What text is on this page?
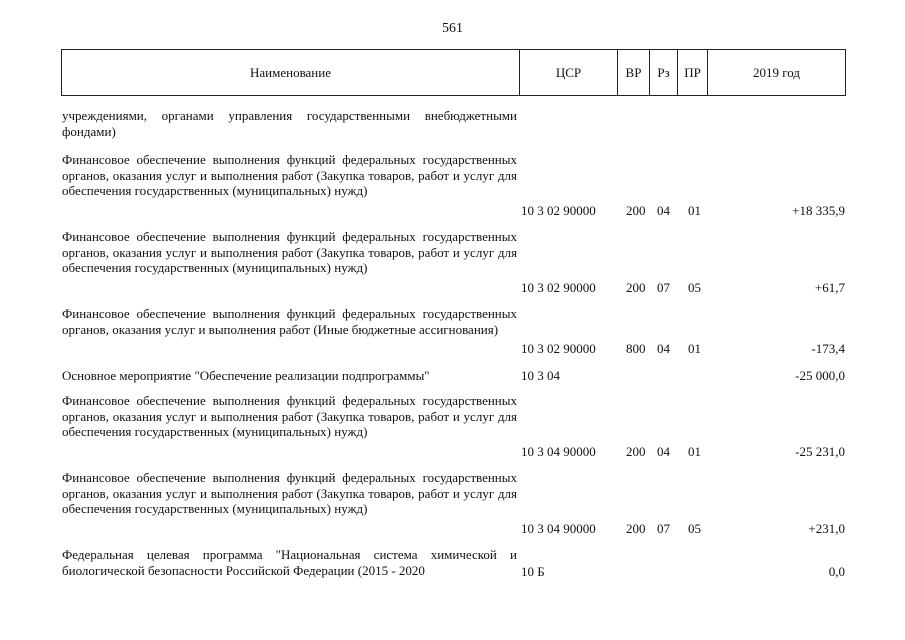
561
Наименование	ЦСР	ВР	Рз	ПР	2019 год
учреждениями, органами управления государственными внебюджетными фондами)
Финансовое обеспечение выполнения функций федеральных государственных органов, оказания услуг и выполнения работ (Закупка товаров, работ и услуг для обеспечения государственных (муниципальных) нужд)
10 3 02 90000 200 04 01	+18 335,9
Финансовое обеспечение выполнения функций федеральных государственных органов, оказания услуг и выполнения работ (Закупка товаров, работ и услуг для обеспечения государственных (муниципальных) нужд)
10 3 02 90000 200 07 05	+61,7
Финансовое обеспечение выполнения функций федеральных государственных органов, оказания услуг и выполнения работ (Иные бюджетные ассигнования)
10 3 02 90000 800 04 01	-173,4
Основное мероприятие "Обеспечение реализации подпрограммы"	10 3 04	-25 000,0
Финансовое обеспечение выполнения функций федеральных государственных органов, оказания услуг и выполнения работ (Закупка товаров, работ и услуг для обеспечения государственных (муниципальных) нужд)
10 3 04 90000 200 04 01	-25 231,0
Финансовое обеспечение выполнения функций федеральных государственных органов, оказания услуг и выполнения работ (Закупка товаров, работ и услуг для обеспечения государственных (муниципальных) нужд)
10 3 04 90000 200 07 05	+231,0
Федеральная целевая программа "Национальная система химической и биологической безопасности Российской Федерации (2015 - 2020	10 Б	0,0
